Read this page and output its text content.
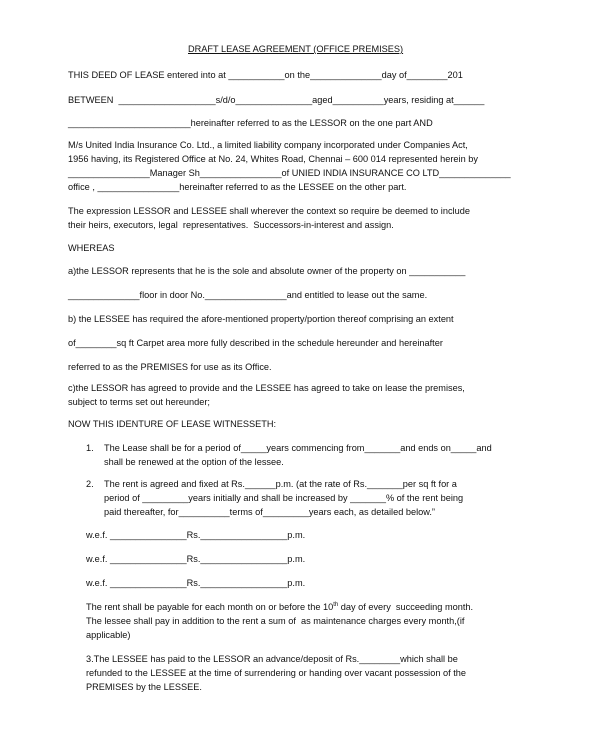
DRAFT LEASE AGREEMENT (OFFICE PREMISES)
THIS DEED OF LEASE entered into at ___________on the______________day of________201
BETWEEN  ___________________s/d/o_______________aged__________years, residing at______
________________________hereinafter referred to as the LESSOR on the one part AND
M/s United India Insurance Co. Ltd., a limited liability company incorporated under Companies Act,
1956 having, its Registered Office at No. 24, Whites Road, Chennai – 600 014 represented herein by
________________Manager Sh________________of UNIED INDIA INSURANCE CO LTD______________
office , ________________hereinafter referred to as the LESSEE on the other part.
The expression LESSOR and LESSEE shall wherever the context so require be deemed to include
their heirs, executors, legal  representatives.  Successors-in-interest and assign.
WHEREAS
a)the LESSOR represents that he is the sole and absolute owner of the property on ___________
______________floor in door No.________________and entitled to lease out the same.
b) the LESSEE has required the afore-mentioned property/portion thereof comprising an extent
of________sq ft Carpet area more fully described in the schedule hereunder and hereinafter
referred to as the PREMISES for use as its Office.
c)the LESSOR has agreed to provide and the LESSEE has agreed to take on lease the premises,
subject to terms set out hereunder;
NOW THIS IDENTURE OF LEASE WITNESSETH:
1. The Lease shall be for a period of_____years commencing from_______and ends on_____and
shall be renewed at the option of the lessee.
2. The rent is agreed and fixed at Rs.______p.m. (at the rate of Rs._______per sq ft for a
period of _________years initially and shall be increased by _______% of the rent being
paid thereafter, for__________terms of_________years each, as detailed below.”
w.e.f. _______________Rs._________________p.m.
w.e.f. _______________Rs._________________p.m.
w.e.f. _______________Rs._________________p.m.
The rent shall be payable for each month on or before the 10th day of every  succeeding month.
The lessee shall pay in addition to the rent a sum of  as maintenance charges every month,(if
applicable)
3.The LESSEE has paid to the LESSOR an advance/deposit of Rs.________which shall be
refunded to the LESSEE at the time of surrendering or handing over vacant possession of the
PREMISES by the LESSEE.
